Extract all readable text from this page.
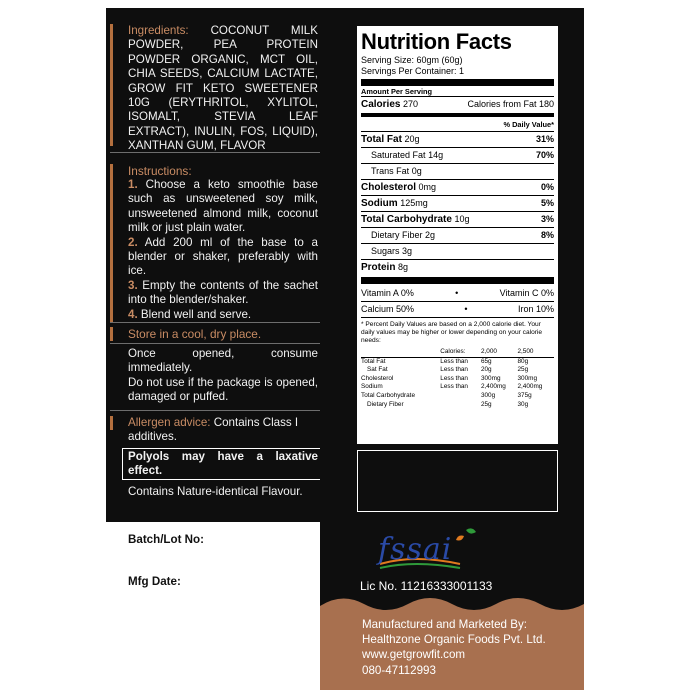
Ingredients: COCONUT MILK POWDER, PEA PROTEIN POWDER ORGANIC, MCT OIL, CHIA SEEDS, CALCIUM LACTATE, GROW FIT KETO SWEETENER 10G (ERYTHRITOL, XYLITOL, ISOMALT, STEVIA LEAF EXTRACT), INULIN, FOS, LIQUID), XANTHAN GUM, FLAVOR
Instructions:
1. Choose a keto smoothie base such as unsweetened soy milk, unsweetened almond milk, coconut milk or just plain water.
2. Add 200 ml of the base to a blender or shaker, preferably with ice.
3. Empty the contents of the sachet into the blender/shaker.
4. Blend well and serve.
Store in a cool, dry place.
Once opened, consume immediately.
Do not use if the package is opened, damaged or puffed.
Allergen advice: Contains Class I additives.
Polyols may have a laxative effect.
Contains Nature-identical Flavour.
Batch/Lot No:
Mfg Date:
Nutrition Facts
Serving Size: 60gm (60g)
Servings Per Container: 1
Amount Per Serving
Calories 270	Calories from Fat 180
% Daily Value*
Total Fat 20g	31%
Saturated Fat 14g	70%
Trans Fat 0g
Cholesterol 0mg	0%
Sodium 125mg	5%
Total Carbohydrate 10g	3%
Dietary Fiber 2g	8%
Sugars 3g
Protein 8g
Vitamin A 0%	•	Vitamin C 0%
Calcium 50%	•	Iron 10%
* Percent Daily Values are based on a 2,000 calorie diet. Your daily values may be higher or lower depending on your calorie needs:
	Calories:	2,000	2,500
Total Fat	Less than	65g	80g
Sat Fat	Less than	20g	25g
Cholesterol	Less than	300mg	300mg
Sodium	Less than	2,400mg	2,400mg
Total Carbohydrate		300g	375g
Dietary Fiber		25g	30g
fssai
Lic No. 11216333001133
Manufactured and Marketed By:
Healthzone Organic Foods Pvt. Ltd.
www.getgrowfit.com
080-47112993
